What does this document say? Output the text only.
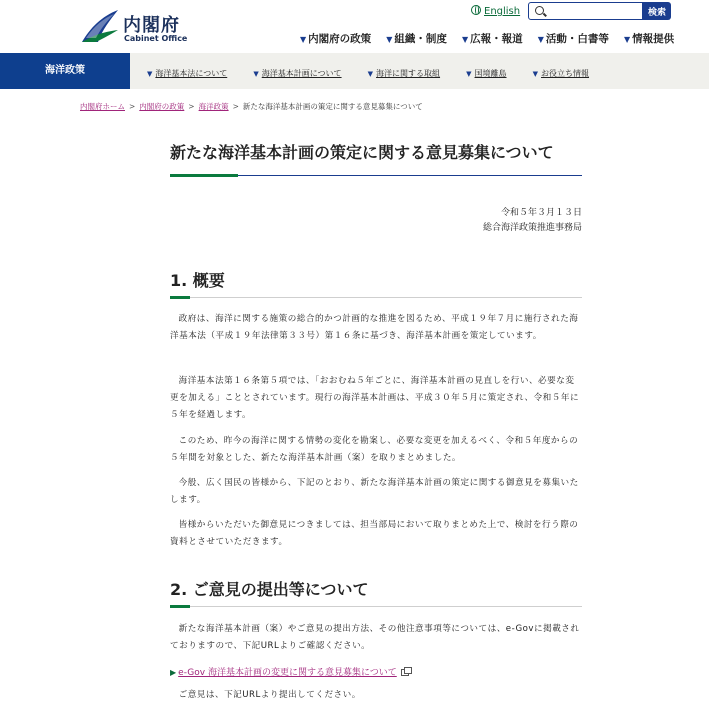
内閣府
Cabinet Office
English	検索
▼ 内閣府の政策 ▼ 組織・制度 ▼ 広報・報道 ▼ 活動・白書等 ▼ 情報提供
海洋政策	▼ 海洋基本法について	▼ 海洋基本計画について	▼ 海洋に関する取組	▼ 国境離島	▼ お役立ち情報
内閣府ホーム > 内閣府の政策 > 海洋政策 > 新たな海洋基本計画の策定に関する意見募集について
新たな海洋基本計画の策定に関する意見募集について
令和５年３月１３日
総合海洋政策推進事務局
1. 概要

政府は、海洋に関する施策の総合的かつ計画的な推進を図るため、平成１９年７月に施行された海洋基本法（平成１９年法律第３３号）第１６条に基づき、海洋基本計画を策定しています。

海洋基本法第１６条第５項では、「おおむね５年ごとに、海洋基本計画の見直しを行い、必要な変更を加える」こととされています。現行の海洋基本計画は、平成３０年５月に策定され、令和５年に５年を経過します。

このため、昨今の海洋に関する情勢の変化を勘案し、必要な変更を加えるべく、令和５年度からの５年間を対象とした、新たな海洋基本計画（案）を取りまとめました。

今般、広く国民の皆様から、下記のとおり、新たな海洋基本計画の策定に関する御意見を募集いたします。

皆様からいただいた御意見につきましては、担当部局において取りまとめた上で、検討を行う際の資料とさせていただきます。

2. ご意見の提出等について

新たな海洋基本計画（案）やご意見の提出方法、その他注意事項等については、e-Govに掲載されておりますので、下記URLよりご確認ください。

▶ e-Gov 海洋基本計画の変更に関する意見募集について

ご意見は、下記URLより提出してください。
